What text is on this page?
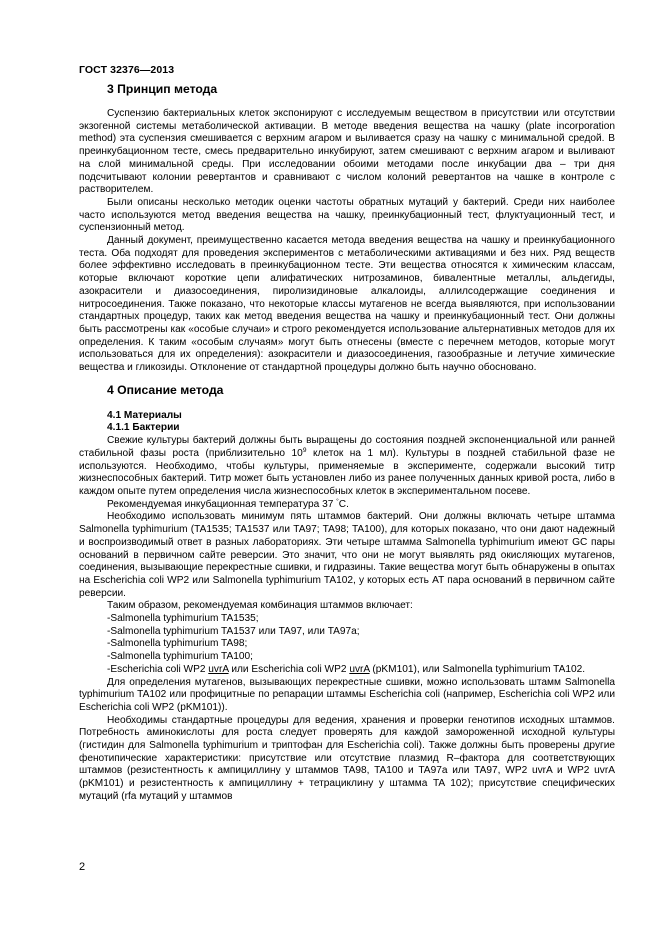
ГОСТ 32376—2013
3 Принцип метода

Суспензию бактериальных клеток экспонируют с исследуемым веществом в присутствии или отсутствии экзогенной системы метаболической активации. В методе введения вещества на чашку (plate incorporation method) эта суспензия смешивается с верхним агаром и выливается сразу на чашку с минимальной средой. В преинкубационном тесте, смесь предварительно инкубируют, затем смешивают с верхним агаром и выливают на слой минимальной среды. При исследовании обоими методами после инкубации два – три дня подсчитывают колонии ревертантов и сравнивают с числом колоний ревертантов на чашке в контроле с растворителем.

Были описаны несколько методик оценки частоты обратных мутаций у бактерий. Среди них наиболее часто используются метод введения вещества на чашку, преинкубационный тест, флуктуационный тест, и суспензионный метод.

Данный документ, преимущественно касается метода введения вещества на чашку и преинкубационного теста. Оба подходят для проведения экспериментов с метаболическими активациями и без них. Ряд веществ более эффективно исследовать в преинкубационном тесте. Эти вещества относятся к химическим классам, которые включают короткие цепи алифатических нитрозаминов, бивалентные металлы, альдегиды, азокрасители и диазосоединения, пиролизидиновые алкалоиды, аллилсодержащие соединения и нитросоединения. Также показано, что некоторые классы мутагенов не всегда выявляются, при использовании стандартных процедур, таких как метод введения вещества на чашку и преинкубационный тест. Они должны быть рассмотрены как «особые случаи» и строго рекомендуется использование альтернативных методов для их определения. К таким «особым случаям» могут быть отнесены (вместе с перечнем методов, которые могут использоваться для их определения): азокрасители и диазосоединения, газообразные и летучие химические вещества и гликозиды. Отклонение от стандартной процедуры должно быть научно обосновано.

4 Описание метода
4.1 Материалы
4.1.1 Бактерии

Свежие культуры бактерий должны быть выращены до состояния поздней экспоненциальной или ранней стабильной фазы роста (приблизительно $10^9$ клеток на 1 мл). Культуры в поздней стабильной фазе не используются. Необходимо, чтобы культуры, применяемые в эксперименте, содержали высокий титр жизнеспособных бактерий. Титр может быть установлен либо из ранее полученных данных кривой роста, либо в каждом опыте путем определения числа жизнеспособных клеток в экспериментальном посеве.

Рекомендуемая инкубационная температура 37 °С.

Необходимо использовать минимум пять штаммов бактерий. Они должны включать четыре штамма Salmonella typhimurium (TA1535; TA1537 или TA97; TA98; TA100), для которых показано, что они дают надежный и воспроизводимый ответ в разных лабораториях. Эти четыре штамма Salmonella typhimurium имеют GC пары оснований в первичном сайте реверсии. Это значит, что они не могут выявлять ряд окисляющих мутагенов, соединения, вызывающие перекрестные сшивки, и гидразины. Такие вещества могут быть обнаружены в опытах на Escherichia coli WP2 или Salmonella typhimurium TA102, у которых есть AT пара оснований в первичном сайте реверсии.

Таким образом, рекомендуемая комбинация штаммов включает:

-Salmonella typhimurium TA1535;
-Salmonella typhimurium TA1537 или TA97, или TA97a;
-Salmonella typhimurium TA98;
-Salmonella typhimurium TA100;
-Escherichia coli WP2 uvrA или Escherichia coli WP2 uvrA (pKM101), или Salmonella typhimurium TA102.

Для определения мутагенов, вызывающих перекрестные сшивки, можно использовать штамм Salmonella typhimurium TA102 или профицитные по репарации штаммы Escherichia coli (например, Escherichia coli WP2 или Escherichia coli WP2 (pKM101)).

Необходимы стандартные процедуры для ведения, хранения и проверки генотипов исходных штаммов. Потребность аминокислоты для роста следует проверять для каждой замороженной исходной культуры (гистидин для Salmonella typhimurium и триптофан для Escherichia coli). Также должны быть проверены другие фенотипические характеристики: присутствие или отсутствие плазмид R–фактора для соответствующих штаммов (резистентность к ампициллину у штаммов TA98, TA100 и TA97a или TA97, WP2 uvrA и WP2 uvrA (pKM101) и резистентность к ампициллину + тетрациклину у штамма TA 102); присутствие специфических мутаций (rfa мутаций у штаммов

2
